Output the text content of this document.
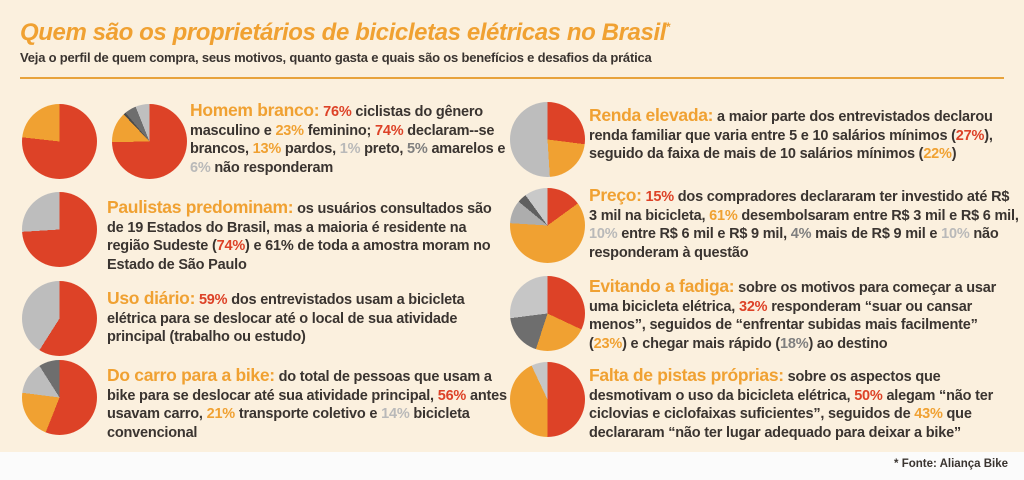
Quem são os proprietários de bicicletas elétricas no Brasil*
Veja o perfil de quem compra, seus motivos, quanto gasta e quais são os benefícios e desafios da prática
Homem branco: 76% ciclistas do gênero masculino e 23% feminino; 74% declaram--se brancos, 13% pardos, 1% preto, 5% amarelos e 6% não responderam
Paulistas predominam: os usuários consultados são de 19 Estados do Brasil, mas a maioria é residente na região Sudeste (74%) e 61% de toda a amostra moram no Estado de São Paulo
Uso diário: 59% dos entrevistados usam a bicicleta elétrica para se deslocar até o local de sua atividade principal (trabalho ou estudo)
Do carro para a bike: do total de pessoas que usam a bike para se deslocar até sua atividade principal, 56% antes usavam carro, 21% transporte coletivo e 14% bicicleta convencional
Renda elevada: a maior parte dos entrevistados declarou renda familiar que varia entre 5 e 10 salários mínimos (27%), seguido da faixa de mais de 10 salários mínimos (22%)
Preço: 15% dos compradores declararam ter investido até R$ 3 mil na bicicleta, 61% desembolsaram entre R$ 3 mil e R$ 6 mil, 10% entre R$ 6 mil e R$ 9 mil, 4% mais de R$ 9 mil e 10% não responderam à questão
Evitando a fadiga: sobre os motivos para começar a usar uma bicicleta elétrica, 32% responderam “suar ou cansar menos”, seguidos de “enfrentar subidas mais facilmente” (23%) e chegar mais rápido (18%) ao destino
Falta de pistas próprias: sobre os aspectos que desmotivam o uso da bicicleta elétrica, 50% alegam “não ter ciclovias e ciclofaixas suficientes”, seguidos de 43% que declararam “não ter lugar adequado para deixar a bike”
* Fonte: Aliança Bike
